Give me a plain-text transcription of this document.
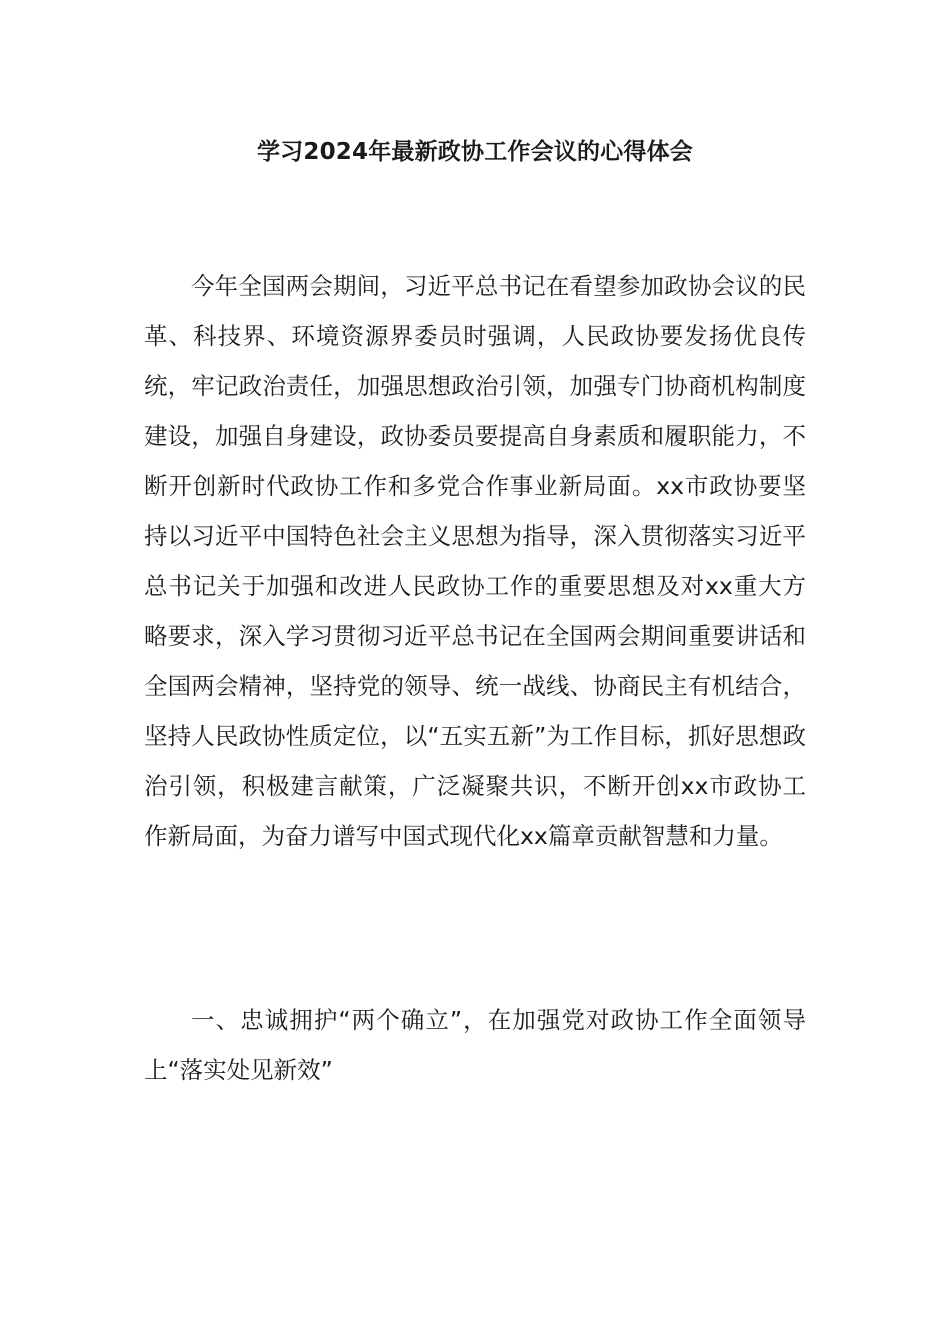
学习2024年最新政协工作会议的心得体会

今年全国两会期间，习近平总书记在看望参加政协会议的民革、科技界、环境资源界委员时强调，人民政协要发扬优良传统，牢记政治责任，加强思想政治引领，加强专门协商机构制度建设，加强自身建设，政协委员要提高自身素质和履职能力，不断开创新时代政协工作和多党合作事业新局面。xx市政协要坚持以习近平中国特色社会主义思想为指导，深入贯彻落实习近平总书记关于加强和改进人民政协工作的重要思想及对xx重大方略要求，深入学习贯彻习近平总书记在全国两会期间重要讲话和全国两会精神，坚持党的领导、统一战线、协商民主有机结合，坚持人民政协性质定位，以“五实五新”为工作目标，抓好思想政治引领，积极建言献策，广泛凝聚共识，不断开创xx市政协工作新局面，为奋力谱写中国式现代化xx篇章贡献智慧和力量。

一、忠诚拥护“两个确立”，在加强党对政协工作全面领导上“落实处见新效”
